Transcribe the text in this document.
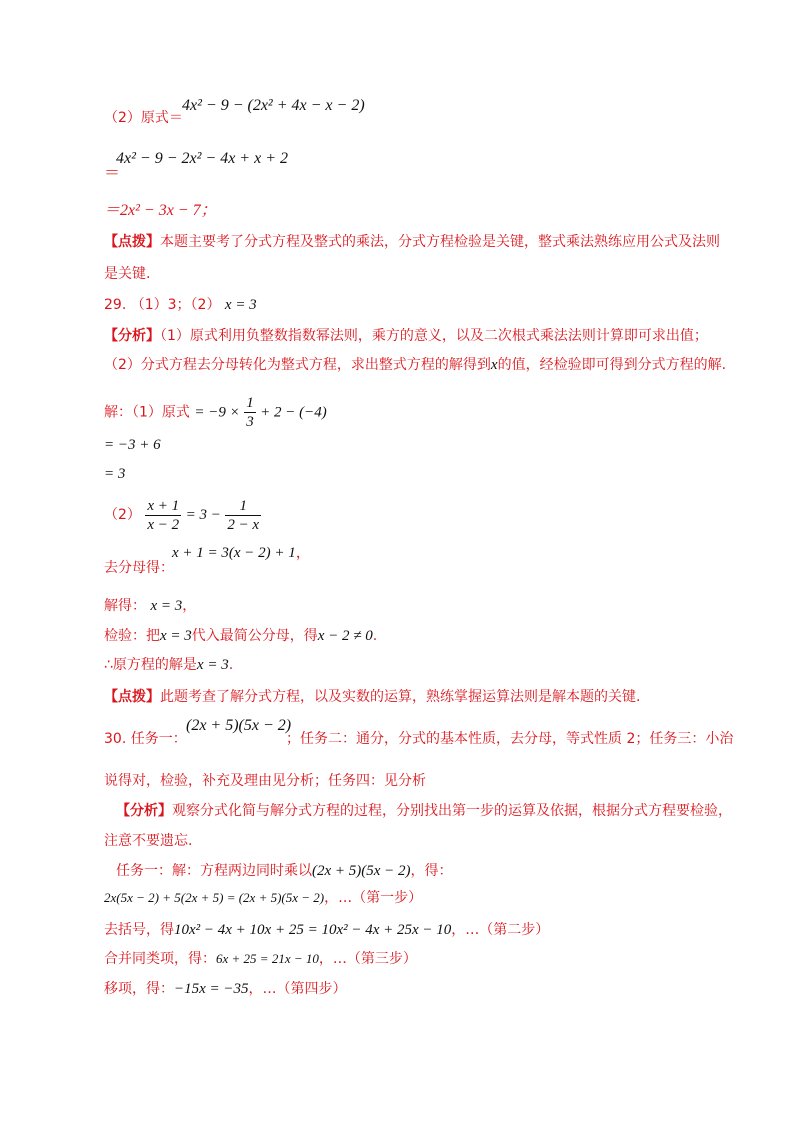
（2）原式＝
4x² − 9 − (2x² + 4x − x − 2)
＝
4x² − 9 − 2x² − 4x + x + 2
＝2x² − 3x − 7；
【点拨】本题主要考了分式方程及整式的乘法，分式方程检验是关键，整式乘法熟练应用公式及法则
是关键.
29. （1）3；（2） x = 3
【分析】（1）原式利用负整数指数幂法则，乘方的意义，以及二次根式乘法法则计算即可求出值；
（2）分式方程去分母转化为整式方程，求出整式方程的解得到x的值，经检验即可得到分式方程的解.
解：（1）原式 = $-9 \times \frac{1}{3} + 2 - (-4)$
= −3 + 6
= 3
$(2) \frac{x + 1}{x - 2} = 3 - \frac{1}{2 - x}$
去分母得：
x + 1 = 3(x − 2) + 1，
解得： x = 3，
检验：把x = 3代入最简公分母，得x − 2 ≠ 0.
∴原方程的解是x = 3.
【点拨】此题考查了解分式方程，以及实数的运算，熟练掌握运算法则是解本题的关键.
30. 任务一：
(2x + 5)(5x − 2)
；任务二：通分，分式的基本性质，去分母，等式性质 2；任务三：小治
说得对，检验，补充及理由见分析；任务四：见分析
【分析】观察分式化简与解分式方程的过程，分别找出第一步的运算及依据，根据分式方程要检验，
注意不要遗忘.
任务一：解：方程两边同时乘以(2x + 5)(5x − 2)，得：
2x(5x − 2) + 5(2x + 5) = (2x + 5)(5x − 2)，…（第一步）
去括号，得10x² − 4x + 10x + 25 = 10x² − 4x + 25x − 10，…（第二步）
合并同类项，得：6x + 25 = 21x − 10，…（第三步）
移项，得：−15x = −35，…（第四步）
